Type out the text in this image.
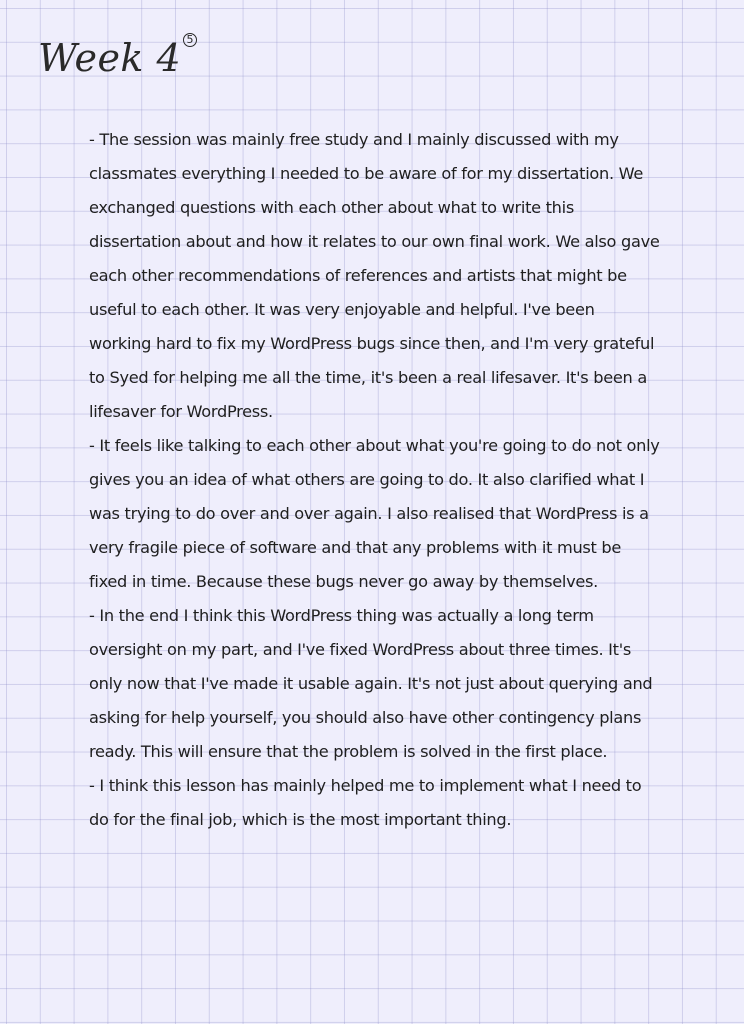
Week 4 5

- The session was mainly free study and I mainly discussed with my classmates everything I needed to be aware of for my dissertation. We exchanged questions with each other about what to write this dissertation about and how it relates to our own final work. We also gave each other recommendations of references and artists that might be useful to each other. It was very enjoyable and helpful. I've been working hard to fix my WordPress bugs since then, and I'm very grateful to Syed for helping me all the time, it's been a real lifesaver. It's been a lifesaver for WordPress.

- It feels like talking to each other about what you're going to do not only gives you an idea of what others are going to do. It also clarified what I was trying to do over and over again. I also realised that WordPress is a very fragile piece of software and that any problems with it must be fixed in time. Because these bugs never go away by themselves.

- In the end I think this WordPress thing was actually a long term oversight on my part, and I've fixed WordPress about three times. It's only now that I've made it usable again. It's not just about querying and asking for help yourself, you should also have other contingency plans ready. This will ensure that the problem is solved in the first place.

- I think this lesson has mainly helped me to implement what I need to do for the final job, which is the most important thing.
